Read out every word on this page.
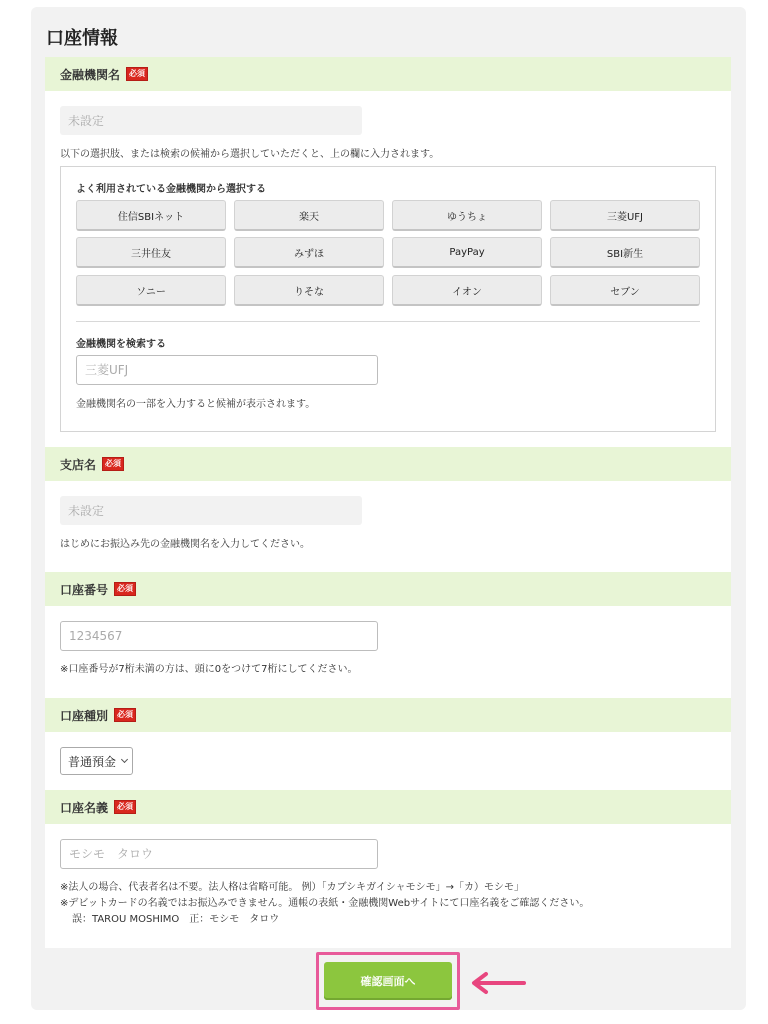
口座情報
金融機関名	必須
未設定
以下の選択肢、または検索の候補から選択していただくと、上の欄に入力されます。
よく利用されている金融機関から選択する
住信SBIネット	楽天	ゆうちょ	三菱UFJ
三井住友	みずほ	PayPay	SBI新生
ソニー	りそな	イオン	セブン
金融機関を検索する
三菱UFJ
金融機関名の一部を入力すると候補が表示されます。
支店名	必須
未設定
はじめにお振込み先の金融機関名を入力してください。
口座番号	必須
1234567
※口座番号が7桁未満の方は、頭に0をつけて7桁にしてください。
口座種別	必須
普通預金
口座名義	必須
モシモ　タロウ
※法人の場合、代表者名は不要。法人格は省略可能。 例）「カブシキガイシャモシモ」→「カ）モシモ」
※デビットカードの名義ではお振込みできません。通帳の表紙・金融機関Webサイトにて口座名義をご確認ください。
誤：TAROU MOSHIMO　正：モシモ　タロウ
確認画面へ
